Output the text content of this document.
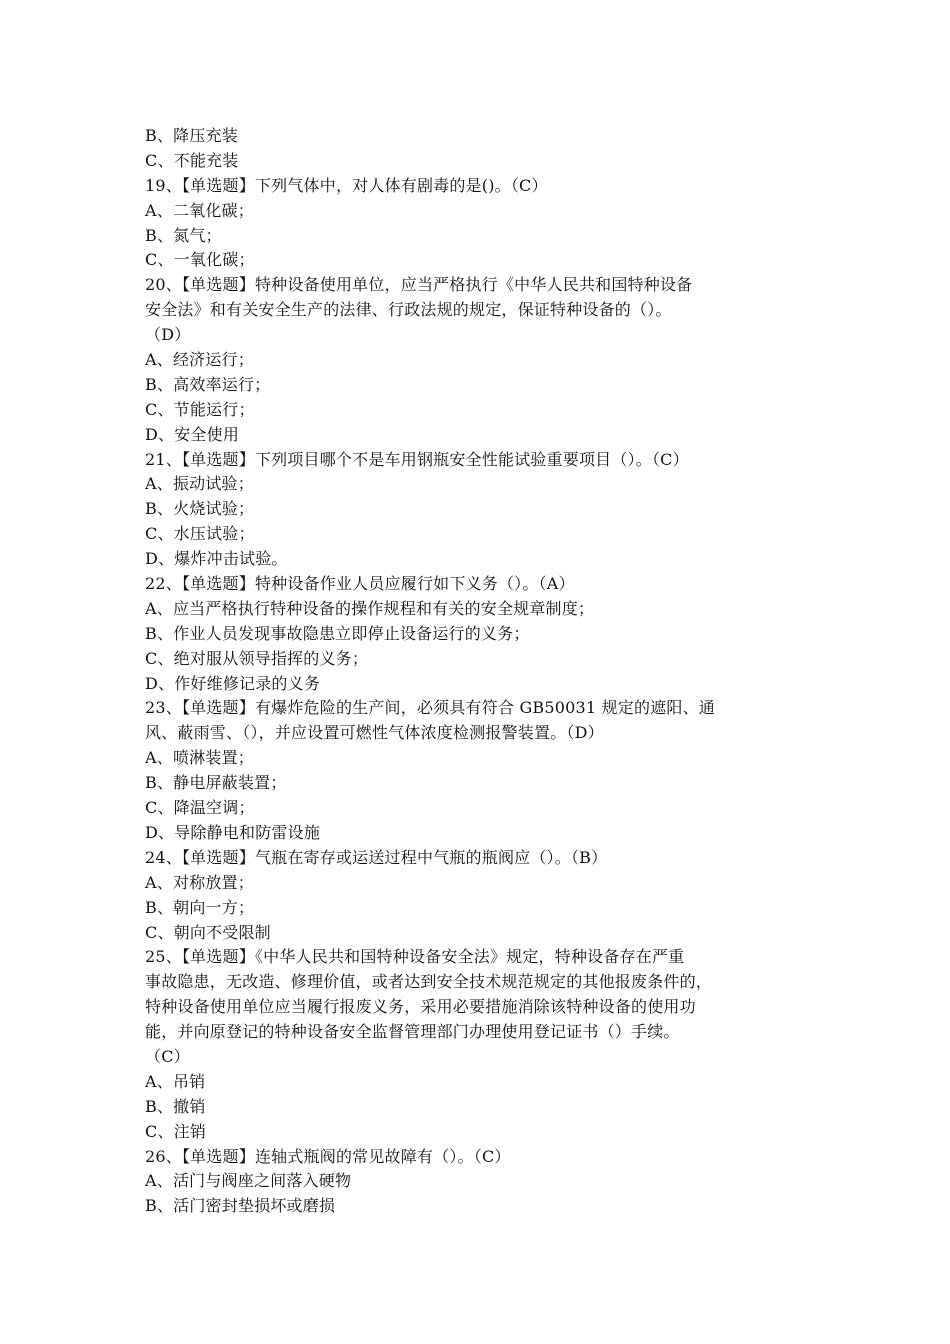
B、降压充装
C、不能充装
19、【单选题】下列气体中，对人体有剧毒的是()。（C）
A、二氧化碳；
B、氮气；
C、一氧化碳；
20、【单选题】特种设备使用单位，应当严格执行《中华人民共和国特种设备
安全法》和有关安全生产的法律、行政法规的规定，保证特种设备的（）。
（D）
A、经济运行；
B、高效率运行；
C、节能运行；
D、安全使用
21、【单选题】下列项目哪个不是车用钢瓶安全性能试验重要项目（）。（C）
A、振动试验；
B、火烧试验；
C、水压试验；
D、爆炸冲击试验。
22、【单选题】特种设备作业人员应履行如下义务（）。（A）
A、应当严格执行特种设备的操作规程和有关的安全规章制度；
B、作业人员发现事故隐患立即停止设备运行的义务；
C、绝对服从领导指挥的义务；
D、作好维修记录的义务
23、【单选题】有爆炸危险的生产间，必须具有符合 GB50031 规定的遮阳、通
风、蔽雨雪、（），并应设置可燃性气体浓度检测报警装置。（D）
A、喷淋装置；
B、静电屏蔽装置；
C、降温空调；
D、导除静电和防雷设施
24、【单选题】气瓶在寄存或运送过程中气瓶的瓶阀应（）。（B）
A、对称放置；
B、朝向一方；
C、朝向不受限制
25、【单选题】《中华人民共和国特种设备安全法》规定，特种设备存在严重
事故隐患，无改造、修理价值，或者达到安全技术规范规定的其他报废条件的，
特种设备使用单位应当履行报废义务，采用必要措施消除该特种设备的使用功
能，并向原登记的特种设备安全监督管理部门办理使用登记证书（）手续。
（C）
A、吊销
B、撤销
C、注销
26、【单选题】连轴式瓶阀的常见故障有（）。（C）
A、活门与阀座之间落入硬物
B、活门密封垫损坏或磨损
